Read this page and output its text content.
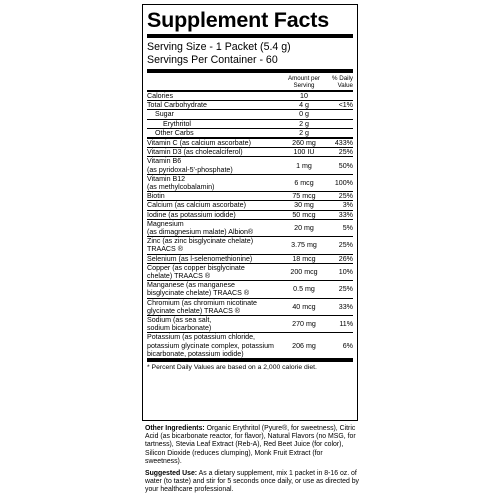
Supplement Facts
Serving Size - 1 Packet (5.4 g)
Servings Per Container - 60
Amount per Serving
% Daily Value
Calories	10
Total Carbohydrate	4 g	<1%
Sugar	0 g
Erythritol	2 g
Other Carbs	2 g
Vitamin C (as calcium ascorbate)	260 mg	433%
Vitamin D3 (as cholecalciferol)	100 IU	25%
Vitamin B6
(as pyridoxal-5'-phosphate)
1 mg	50%
Vitamin B12
(as methylcobalamin)
6 mcg	100%
Biotin	75 mcg	25%
Calcium (as calcium ascorbate)	30 mg	3%
Iodine (as potassium iodide)	50 mcg	33%
Magnesium
(as dimagnesium malate) Albion®
20 mg	5%
Zinc (as zinc bisglycinate chelate)
TRAACS ®
3.75 mg	25%
Selenium (as l-selenomethionine)	18 mcg	26%
Copper (as copper bisglycinate
chelate) TRAACS ®
200 mcg	10%
Manganese (as manganese
bisglycinate chelate) TRAACS ®
0.5 mg	25%
Chromium (as chromium nicotinate
glycinate chelate) TRAACS ®
40 mcg	33%
Sodium (as sea salt,
sodium bicarbonate)
270 mg	11%
Potassium (as potassium chloride,
potassium glycinate complex, potassium
bicarbonate, potassium iodide)
206 mg	6%
* Percent Daily Values are based on a 2,000 calorie diet.
Other Ingredients: Organic Erythritol (Pyure®, for sweetness), Citric Acid (as bicarbonate reactor, for flavor), Natural Flavors (no MSG, for tartness), Stevia Leaf Extract (Reb-A), Red Beet Juice (for color), Silicon Dioxide (reduces clumping), Monk Fruit Extract (for sweetness).
Suggested Use: As a dietary supplement, mix 1 packet in 8-16 oz. of water (to taste) and stir for 5 seconds once daily, or use as directed by your healthcare professional.
